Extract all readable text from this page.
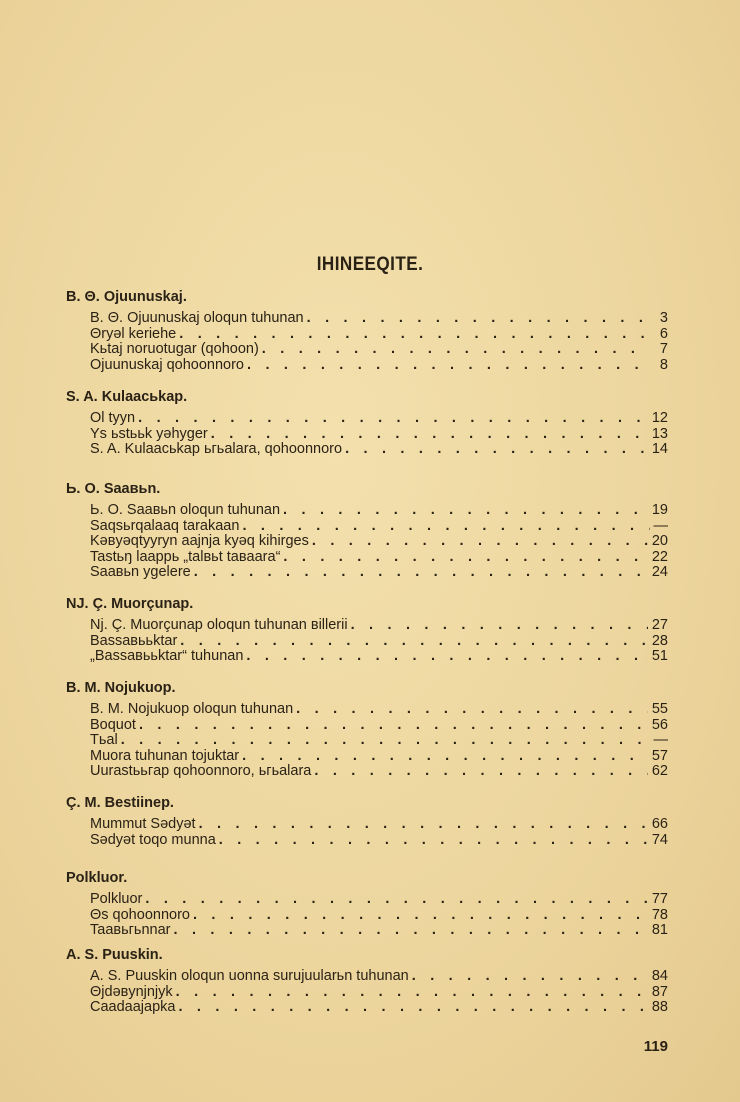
IHINEEQITE.
B. Θ. Ojuunuskaj.
B. Θ. Ojuunuskaj oloqun tuhunan . . .	3
Θryəl keriehe . . .	6
Kьtaj noruotugar (qohoon) . . .	7
Ojuunuskaj qohoonnoro . . .	8
S. A. Kulaacьkap.
Ol tyyn . . .	12
Ys ьstььk yəhyger . . .	13
S. A. Kulaacьkap ьгьalara, qohoonnoro . . .	14
Ь. O. Saaвьn.
Ь. O. Saaвьn oloqun tuhunan . . .	19
Saqsьrqalaaq tarakaan . . .	—
Kəвyəqtyyryn aajnja kyəq kihirges . . .	20
Tastьŋ laappь „talвьt taвaara“ . . .	22
Saaвьn ygelere . . .	24
NJ. Ç. Muorçunap.
Nj. Ç. Muorçunap oloqun tuhunan вillerii . . .	27
Bassaвььktar . . .	28
„Bassaвььktar“ tuhunan . . .	51
B. M. Nojukuop.
B. M. Nojukuop oloqun tuhunan . . .	55
Boquot . . .	56
Tьal . . .	—
Muora tuhunan tojuktar . . .	57
Uurastььгap qohoonnoro, ьгьalara . . .	62
Ç. M. Bestiinep.
Mummut Sədyət . . .	66
Sədyət toqo munna . . .	74
Polkluor.
Polkluor . . .	77
Θs qohoonnoro . . .	78
Taaвьгьnnar . . .	81
A. S. Puuskin.
A. S. Puuskin oloqun uonna surujuularьn tuhunan . . .	84
Θjdəвynjnjyk . . .	87
Caadaajapka . . .	88
119
